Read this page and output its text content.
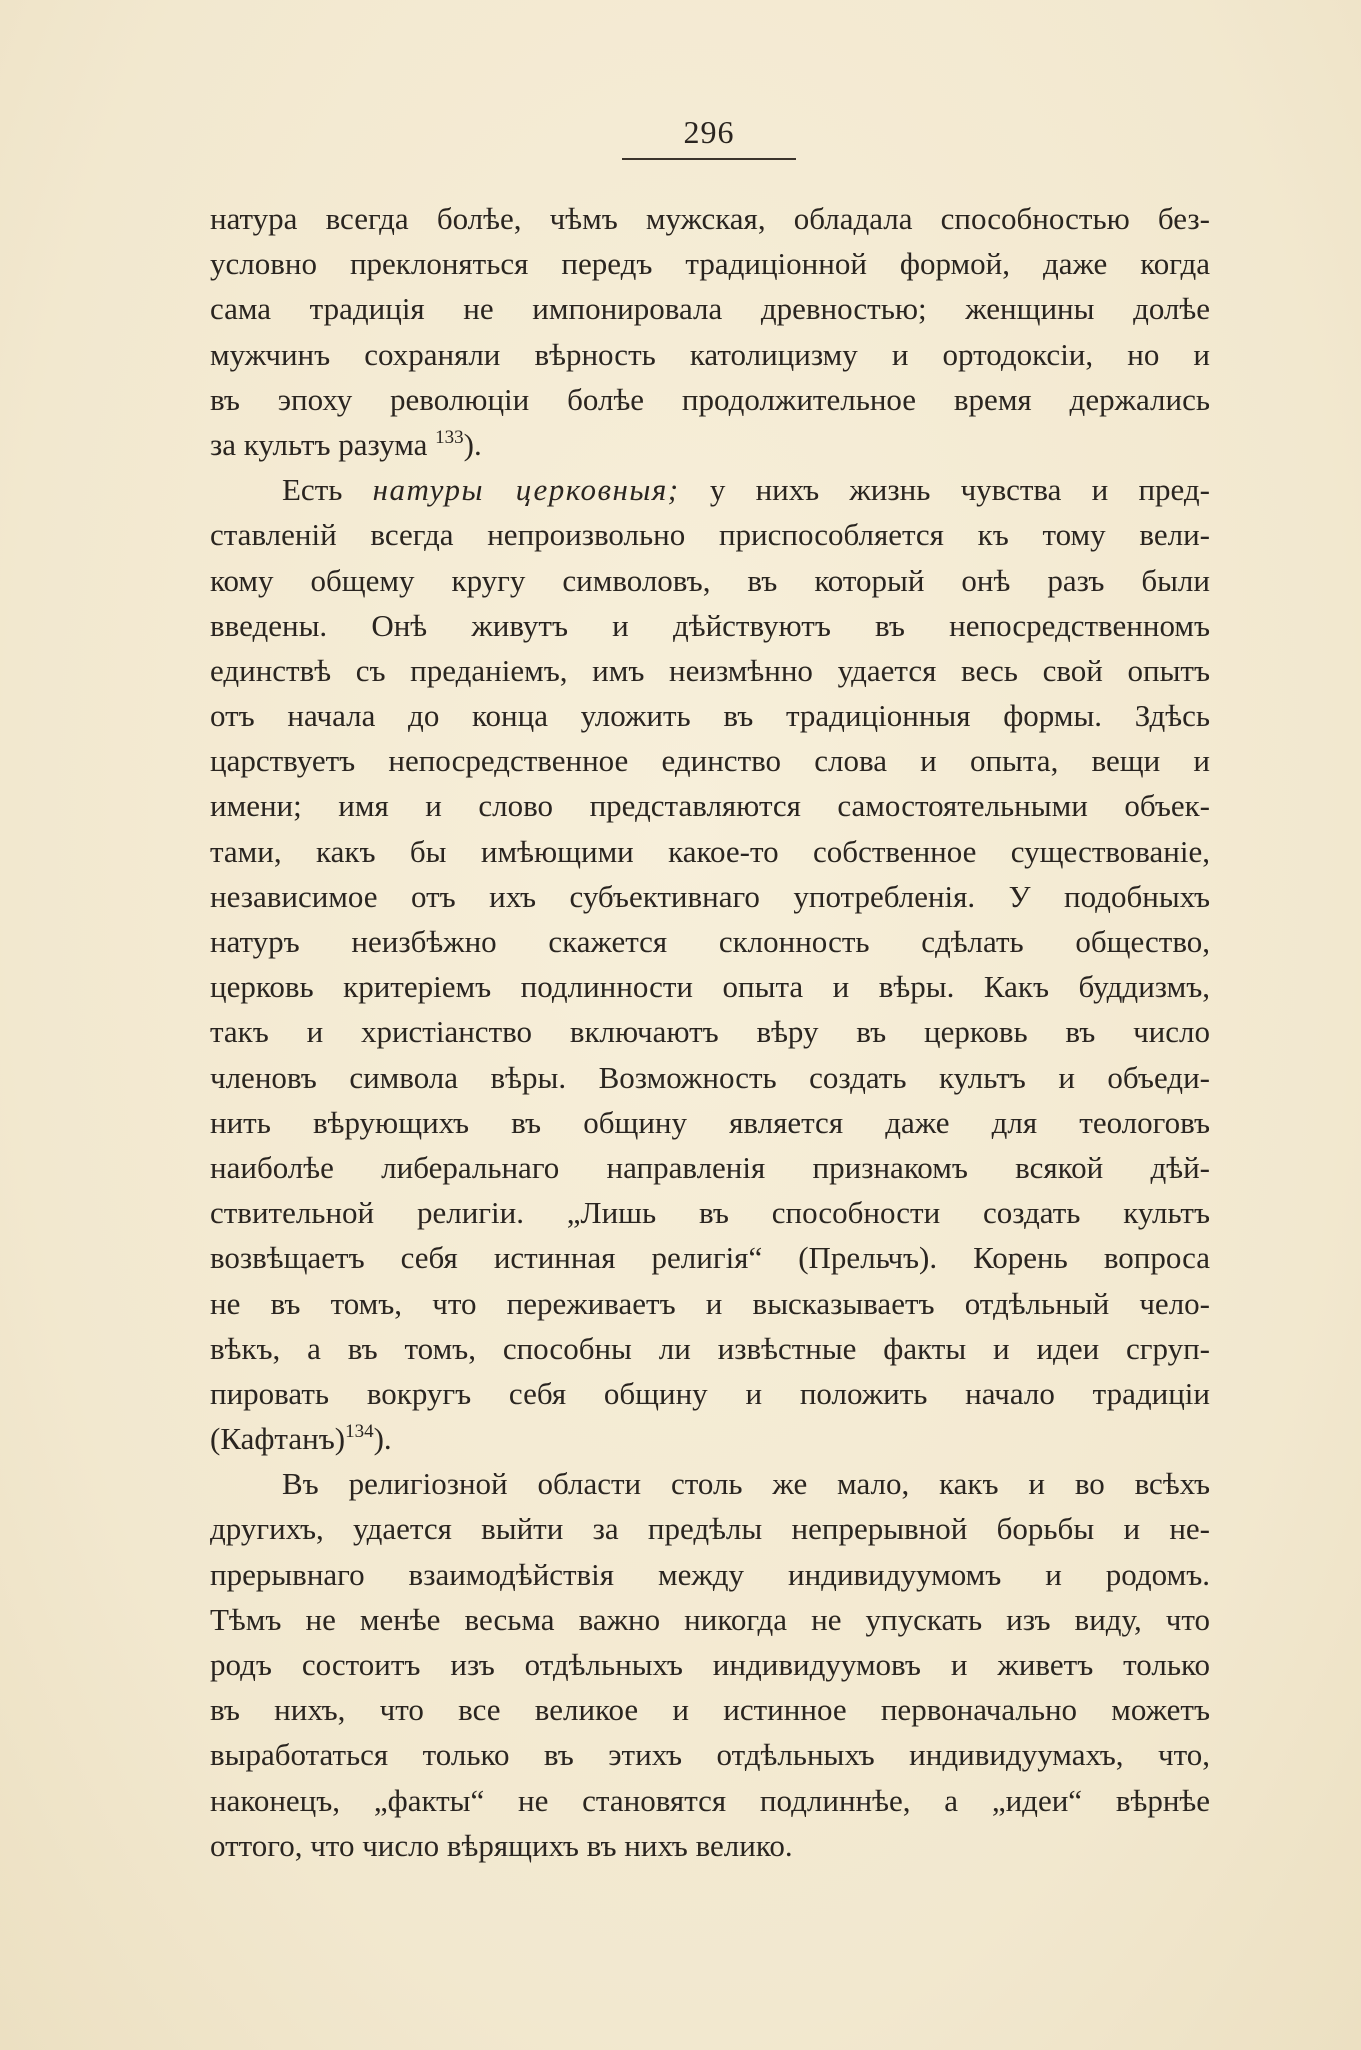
296
натура всегда болѣе, чѣмъ мужская, обладала способностью без-
условно преклоняться передъ традиціонной формой, даже когда
сама традиція не импонировала древностью; женщины долѣе
мужчинъ сохраняли вѣрность католицизму и ортодоксіи, но и
въ эпоху революціи болѣе продолжительное время держались
за культъ разума $^{133}$).
Есть натуры церковныя; у нихъ жизнь чувства и пред-
ставленій всегда непроизвольно приспособляется къ тому вели-
кому общему кругу символовъ, въ который онѣ разъ были
введены. Онѣ живутъ и дѣйствуютъ въ непосредственномъ
единствѣ съ преданіемъ, имъ неизмѣнно удается весь свой опытъ
отъ начала до конца уложить въ традиціонныя формы. Здѣсь
царствуетъ непосредственное единство слова и опыта, вещи и
имени; имя и слово представляются самостоятельными объек-
тами, какъ бы имѣющими какое-то собственное существованіе,
независимое отъ ихъ субъективнаго употребленія. У подобныхъ
натуръ неизбѣжно скажется склонность сдѣлать общество,
церковь критеріемъ подлинности опыта и вѣры. Какъ буддизмъ,
такъ и христіанство включаютъ вѣру въ церковь въ число
членовъ символа вѣры. Возможность создать культъ и объеди-
нить вѣрующихъ въ общину является даже для теологовъ
наиболѣе либеральнаго направленія признакомъ всякой дѣй-
ствительной религіи. „Лишь въ способности создать культъ
возвѣщаетъ себя истинная религія“ (Прельчъ). Корень вопроса
не въ томъ, что переживаетъ и высказываетъ отдѣльный чело-
вѣкъ, а въ томъ, способны ли извѣстные факты и идеи сгруп-
пировать вокругъ себя общину и положить начало традиціи
(Кафтанъ)$^{134}$).
Въ религіозной области столь же мало, какъ и во всѣхъ
другихъ, удается выйти за предѣлы непрерывной борьбы и не-
прерывнаго взаимодѣйствія между индивидуумомъ и родомъ.
Тѣмъ не менѣе весьма важно никогда не упускать изъ виду, что
родъ состоитъ изъ отдѣльныхъ индивидуумовъ и живетъ только
въ нихъ, что все великое и истинное первоначально можетъ
выработаться только въ этихъ отдѣльныхъ индивидуумахъ, что,
наконецъ, „факты“ не становятся подлиннѣе, а „идеи“ вѣрнѣе
оттого, что число вѣрящихъ въ нихъ велико.
